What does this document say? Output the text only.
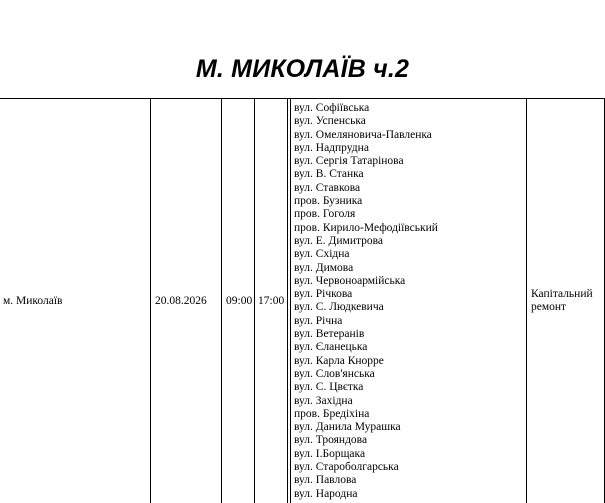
М. МИКОЛАЇВ ч.2
м. Миколаїв	20.08.2026 09:00 17:00
Капітальний ремонт
вул. Софіївська
вул. Успенська
вул. Омеляновича-Павленка
вул. Надпрудна
вул. Сергія Татарінова
вул. В. Станка
вул. Ставкова
пров. Бузника
пров. Гоголя
пров. Кирило-Мефодіївський
вул. Е. Димитрова
вул. Східна
вул. Димова
вул. Червоноармійська
вул. Річкова
вул. С. Людкевича
вул. Річна
вул. Ветеранів
вул. Єланецька
вул. Карла Кнорре
вул. Слов'янська
вул. С. Цвєтка
вул. Західна
пров. Бредіхіна
вул. Данила Мурашка
вул. Трояндова
вул. І.Борщака
вул. Староболгарська
вул. Павлова
вул. Народна
